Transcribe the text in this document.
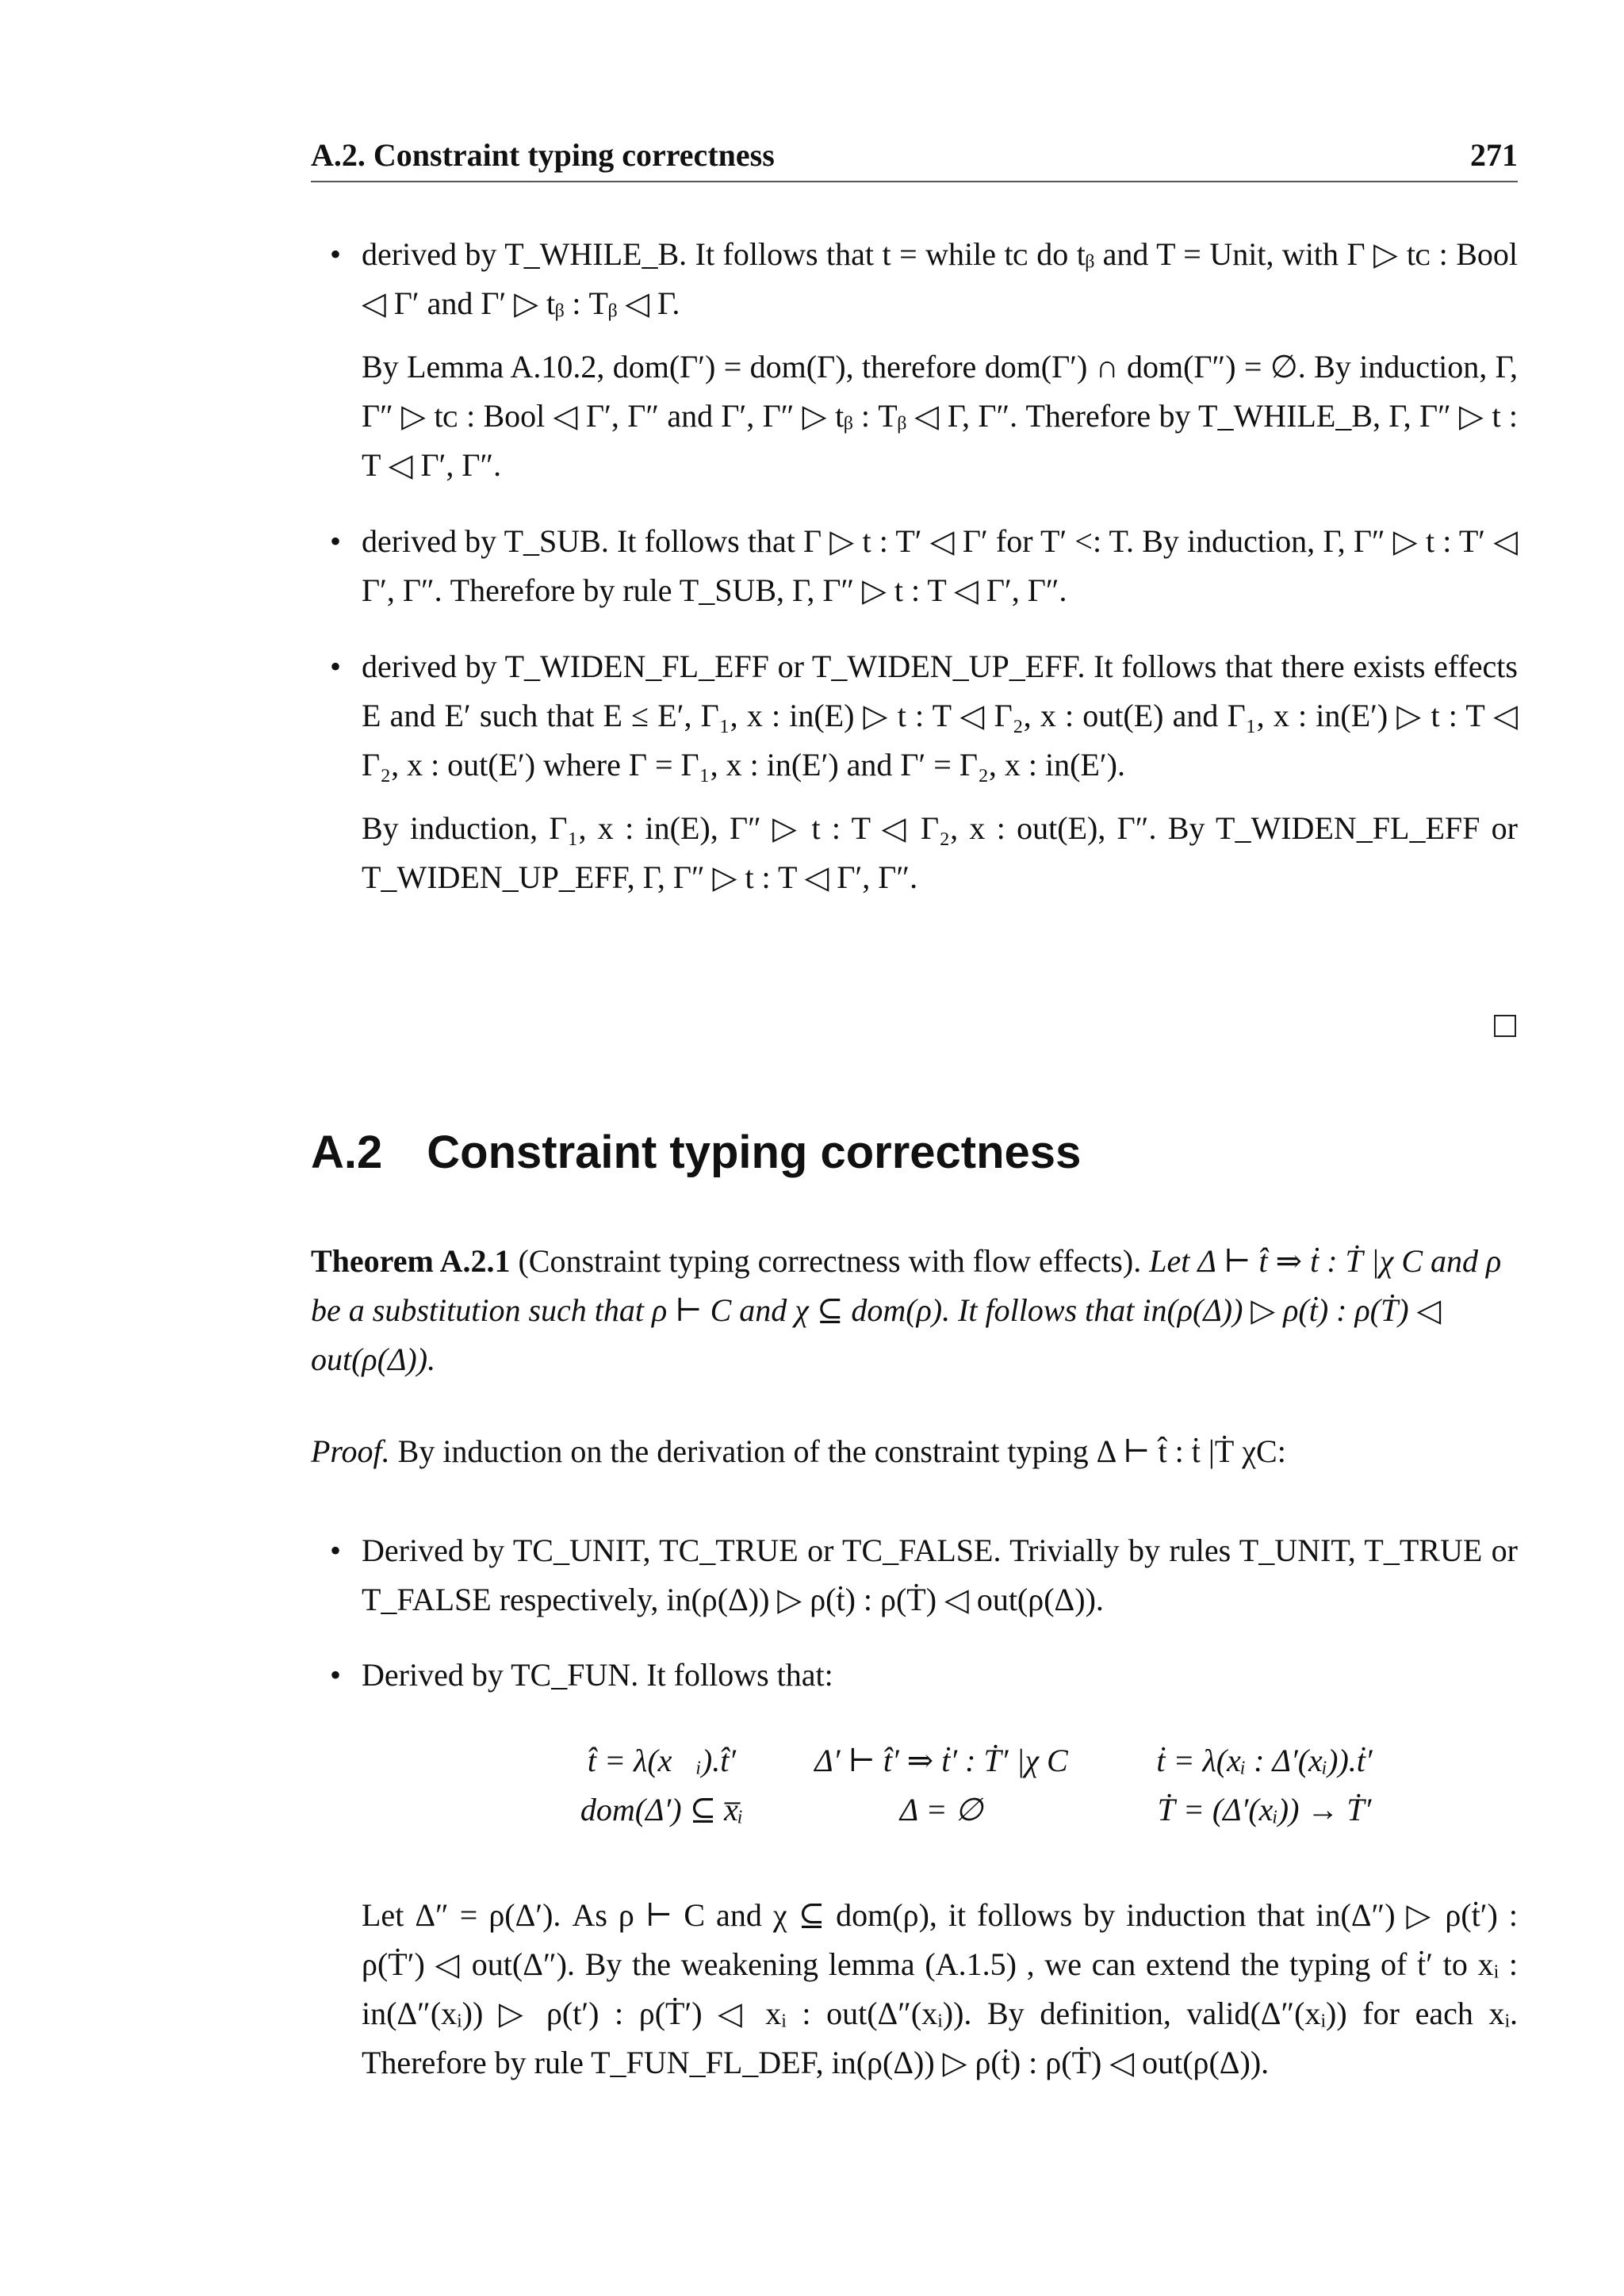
A.2. Constraint typing correctness	271
• derived by T_WHILE_B. It follows that t = while tᴄ do tᵦ and T = Unit, with Γ ▷ tᴄ : Bool ◁ Γ′ and Γ′ ▷ tᵦ : Tᵦ ◁ Γ.

By Lemma A.10.2, dom(Γ′) = dom(Γ), therefore dom(Γ′) ∩ dom(Γ″) = ∅. By induction, Γ, Γ″ ▷ tᴄ : Bool ◁ Γ′, Γ″ and Γ′, Γ″ ▷ tᵦ : Tᵦ ◁ Γ, Γ″. Therefore by T_WHILE_B, Γ, Γ″ ▷ t : T ◁ Γ′, Γ″.

• derived by T_SUB. It follows that Γ ▷ t : T′ ◁ Γ′ for T′ <: T. By induction, Γ, Γ″ ▷ t : T′ ◁ Γ′, Γ″. Therefore by rule T_SUB, Γ, Γ″ ▷ t : T ◁ Γ′, Γ″.

• derived by T_WIDEN_FL_EFF or T_WIDEN_UP_EFF. It follows that there exists effects E and E′ such that E ≤ E′, Γ₁, x : in(E) ▷ t : T ◁ Γ₂, x : out(E) and Γ₁, x : in(E′) ▷ t : T ◁ Γ₂, x : out(E′) where Γ = Γ₁, x : in(E′) and Γ′ = Γ₂, x : in(E′).

By induction, Γ₁, x : in(E), Γ″ ▷ t : T ◁ Γ₂, x : out(E), Γ″. By T_WIDEN_FL_EFF or T_WIDEN_UP_EFF, Γ, Γ″ ▷ t : T ◁ Γ′, Γ″.

A.2 Constraint typing correctness
Theorem A.2.1 (Constraint typing correctness with flow effects). Let Δ ⊢ t̂ ⇒ ṫ : Ṫ |χ C and ρ be a substitution such that ρ ⊢ C and χ ⊆ dom(ρ). It follows that in(ρ(Δ)) ▷ ρ(ṫ) : ρ(Ṫ) ◁ out(ρ(Δ)).
Proof. By induction on the derivation of the constraint typing Δ ⊢ t̂ : ṫ |Ṫ χC:
• Derived by TC_UNIT, TC_TRUE or TC_FALSE. Trivially by rules T_UNIT, T_TRUE or T_FALSE respectively, in(ρ(Δ)) ▷ ρ(ṫ) : ρ(Ṫ) ◁ out(ρ(Δ)).

• Derived by TC_FUN. It follows that:

t̂ = λ(x⃗ᵢ).t̂′	Δ′ ⊢ t̂′ ⇒ ṫ′ : Ṫ′ |χ C	ṫ = λ(xᵢ : Δ′(xᵢ)).ṫ′
dom(Δ′) ⊆ x̅ᵢ	Δ = ∅	Ṫ = (Δ′(xᵢ)) → Ṫ′

Let Δ″ = ρ(Δ′). As ρ ⊢ C and χ ⊆ dom(ρ), it follows by induction that in(Δ″) ▷ ρ(ṫ′) : ρ(Ṫ′) ◁ out(Δ″). By the weakening lemma (A.1.5) , we can extend the typing of ṫ′ to xᵢ : in(Δ″(xᵢ)) ▷ ρ(t′) : ρ(Ṫ′) ◁ xᵢ : out(Δ″(xᵢ)). By definition, valid(Δ″(xᵢ)) for each xᵢ. Therefore by rule T_FUN_FL_DEF, in(ρ(Δ)) ▷ ρ(ṫ) : ρ(Ṫ) ◁ out(ρ(Δ)).
